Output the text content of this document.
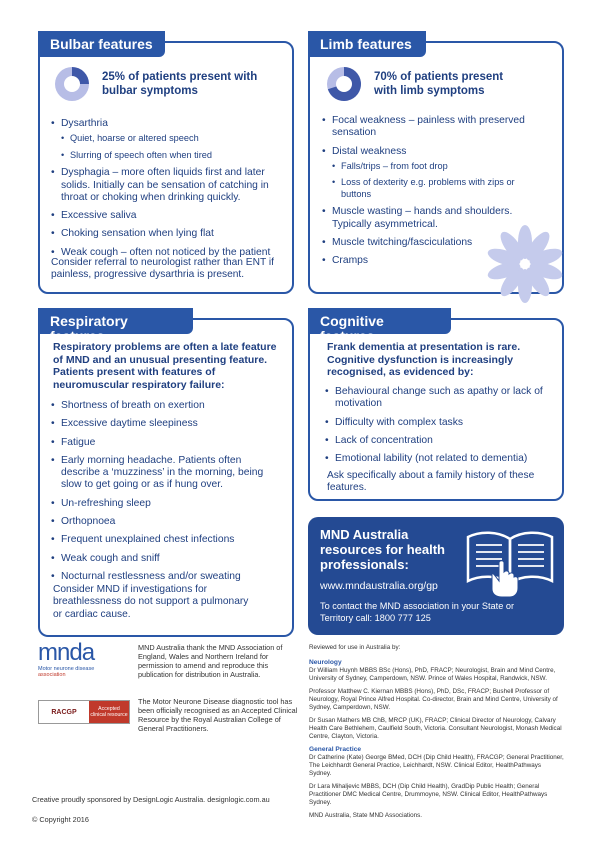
Bulbar features
25% of patients present with bulbar symptoms
• Dysarthria
• Quiet, hoarse or altered speech
• Slurring of speech often when tired
• Dysphagia – more often liquids first and later solids. Initially can be sensation of catching in throat or choking when drinking quickly.
• Excessive saliva
• Choking sensation when lying flat
• Weak cough – often not noticed by the patient
Consider referral to neurologist rather than ENT if painless, progressive dysarthria is present.
Limb features
70% of patients present with limb symptoms
• Focal weakness – painless with preserved sensation
• Distal weakness
• Falls/trips – from foot drop
• Loss of dexterity e.g. problems with zips or buttons
• Muscle wasting – hands and shoulders. Typically asymmetrical.
• Muscle twitching/fasciculations
• Cramps
Respiratory features
Respiratory problems are often a late feature of MND and an unusual presenting feature. Patients present with features of neuromuscular respiratory failure:
• Shortness of breath on exertion
• Excessive daytime sleepiness
• Fatigue
• Early morning headache. Patients often describe a ‘muzziness’ in the morning, being slow to get going or as if hung over.
• Un-refreshing sleep
• Orthopnoea
• Frequent unexplained chest infections
• Weak cough and sniff
• Nocturnal restlessness and/or sweating
Consider MND if investigations for breathlessness do not support a pulmonary or cardiac cause.
Cognitive features
Frank dementia at presentation is rare. Cognitive dysfunction is increasingly recognised, as evidenced by:
• Behavioural change such as apathy or lack of motivation
• Difficulty with complex tasks
• Lack of concentration
• Emotional lability (not related to dementia)
Ask specifically about a family history of these features.
MND Australia resources for health professionals:
www.mndaustralia.org/gp
To contact the MND association in your State or Territory call: 1800 777 125
mnda
Motor neurone disease
association
MND Australia thank the MND Association of England, Wales and Northern Ireland for permission to amend and reproduce this publication for distribution in Australia.
RACGP	Accepted clinical resource
The Motor Neurone Disease diagnostic tool has been officially recognised as an Accepted Clinical Resource by the Royal Australian College of General Practitioners.
Creative proudly sponsored by DesignLogic Australia. designlogic.com.au
© Copyright 2016

Reviewed for use in Australia by:

Neurology

Dr William Huynh MBBS BSc (Hons), PhD, FRACP; Neurologist, Brain and Mind Centre, University of Sydney, Camperdown, NSW. Prince of Wales Hospital, Randwick, NSW.

Professor Matthew C. Kiernan MBBS (Hons), PhD, DSc, FRACP; Bushell Professor of Neurology, Royal Prince Alfred Hospital. Co-director, Brain and Mind Centre, University of Sydney, Camperdown, NSW.

Dr Susan Mathers MB ChB, MRCP (UK), FRACP; Clinical Director of Neurology, Calvary Health Care Bethlehem, Caulfield South, Victoria. Consultant Neurologist, Monash Medical Centre, Clayton, Victoria.

General Practice

Dr Catherine (Kate) George BMed, DCH (Dip Child Health), FRACGP; General Practitioner, The Leichhardt General Practice, Leichhardt, NSW. Clinical Editor, HealthPathways Sydney.

Dr Lara Mihaljevic MBBS, DCH (Dip Child Health), GradDip Public Health; General Practitioner DMC Medical Centre, Drummoyne, NSW. Clinical Editor, HealthPathways Sydney.

MND Australia, State MND Associations.
